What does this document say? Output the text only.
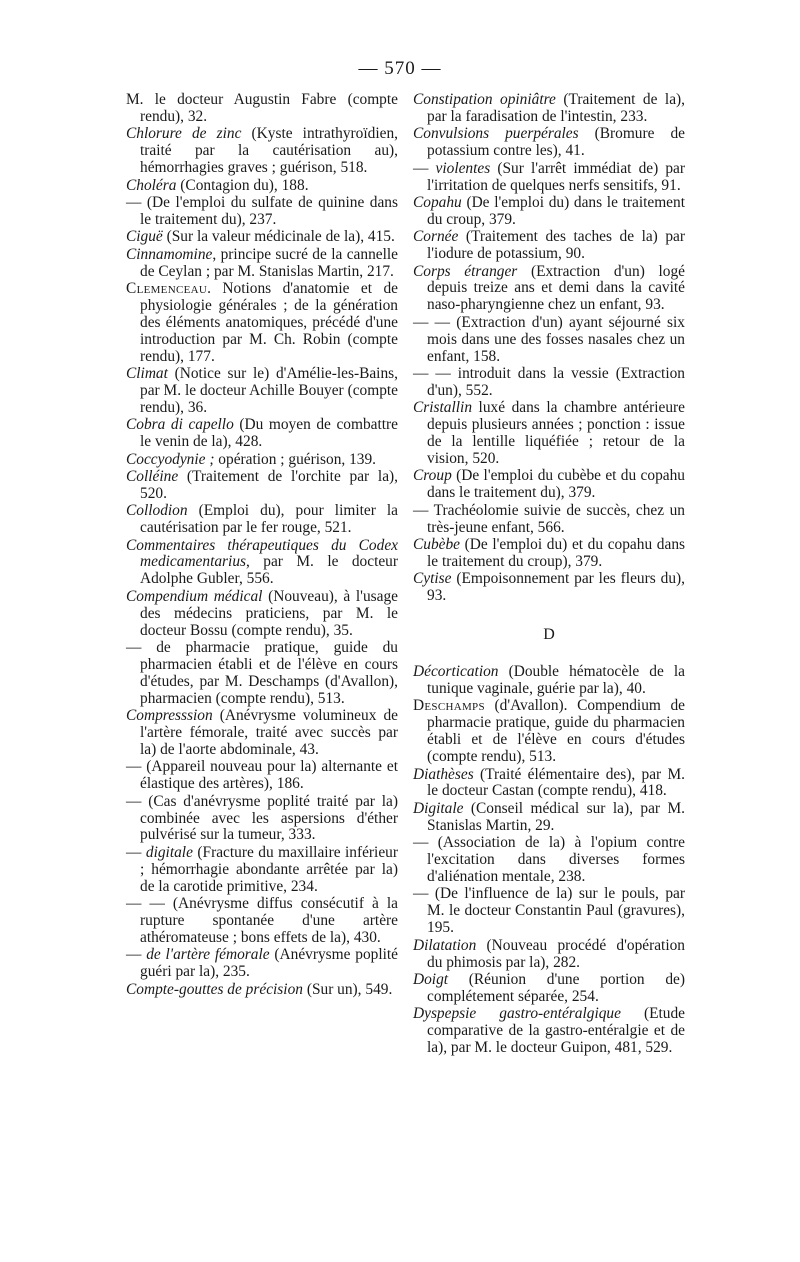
— 570 —
M. le docteur Augustin Fabre (compte rendu), 32.
Chlorure de zinc (Kyste intrathyroïdien, traité par la cautérisation au), hémorrhagies graves ; guérison, 518.
Choléra (Contagion du), 188.
— (De l'emploi du sulfate de quinine dans le traitement du), 237.
Ciguë (Sur la valeur médicinale de la), 415.
Cinnamomine, principe sucré de la cannelle de Ceylan ; par M. Stanislas Martin, 217.
Clemenceau. Notions d'anatomie et de physiologie générales ; de la génération des éléments anatomiques, précédé d'une introduction par M. Ch. Robin (compte rendu), 177.
Climat (Notice sur le) d'Amélie-les-Bains, par M. le docteur Achille Bouyer (compte rendu), 36.
Cobra di capello (Du moyen de combattre le venin de la), 428.
Coccyodynie ; opération ; guérison, 139.
Colléine (Traitement de l'orchite par la), 520.
Collodion (Emploi du), pour limiter la cautérisation par le fer rouge, 521.
Commentaires thérapeutiques du Codex medicamentarius, par M. le docteur Adolphe Gubler, 556.
Compendium médical (Nouveau), à l'usage des médecins praticiens, par M. le docteur Bossu (compte rendu), 35.
— de pharmacie pratique, guide du pharmacien établi et de l'élève en cours d'études, par M. Deschamps (d'Avallon), pharmacien (compte rendu), 513.
Compresssion (Anévrysme volumineux de l'artère fémorale, traité avec succès par la) de l'aorte abdominale, 43.
— (Appareil nouveau pour la) alternante et élastique des artères), 186.
— (Cas d'anévrysme poplité traité par la) combinée avec les aspersions d'éther pulvérisé sur la tumeur, 333.
— digitale (Fracture du maxillaire inférieur ; hémorrhagie abondante arrêtée par la) de la carotide primitive, 234.
— — (Anévrysme diffus consécutif à la rupture spontanée d'une artère athéromateuse ; bons effets de la), 430.
— de l'artère fémorale (Anévrysme poplité guéri par la), 235.
Compte-gouttes de précision (Sur un), 549.
Constipation opiniâtre (Traitement de la), par la faradisation de l'intestin, 233.
Convulsions puerpérales (Bromure de potassium contre les), 41.
— violentes (Sur l'arrêt immédiat de) par l'irritation de quelques nerfs sensitifs, 91.
Copahu (De l'emploi du) dans le traitement du croup, 379.
Cornée (Traitement des taches de la) par l'iodure de potassium, 90.
Corps étranger (Extraction d'un) logé depuis treize ans et demi dans la cavité naso-pharyngienne chez un enfant, 93.
— — (Extraction d'un) ayant séjourné six mois dans une des fosses nasales chez un enfant, 158.
— — introduit dans la vessie (Extraction d'un), 552.
Cristallin luxé dans la chambre antérieure depuis plusieurs années ; ponction : issue de la lentille liquéfiée ; retour de la vision, 520.
Croup (De l'emploi du cubèbe et du copahu dans le traitement du), 379.
— Trachéolomie suivie de succès, chez un très-jeune enfant, 566.
Cubèbe (De l'emploi du) et du copahu dans le traitement du croup), 379.
Cytise (Empoisonnement par les fleurs du), 93.
D
Décortication (Double hématocèle de la tunique vaginale, guérie par la), 40.
Deschamps (d'Avallon). Compendium de pharmacie pratique, guide du pharmacien établi et de l'élève en cours d'études (compte rendu), 513.
Diathèses (Traité élémentaire des), par M. le docteur Castan (compte rendu), 418.
Digitale (Conseil médical sur la), par M. Stanislas Martin, 29.
— (Association de la) à l'opium contre l'excitation dans diverses formes d'aliénation mentale, 238.
— (De l'influence de la) sur le pouls, par M. le docteur Constantin Paul (gravures), 195.
Dilatation (Nouveau procédé d'opération du phimosis par la), 282.
Doigt (Réunion d'une portion de) complétement séparée, 254.
Dyspepsie gastro-entéralgique (Etude comparative de la gastro-entéralgie et de la), par M. le docteur Guipon, 481, 529.
